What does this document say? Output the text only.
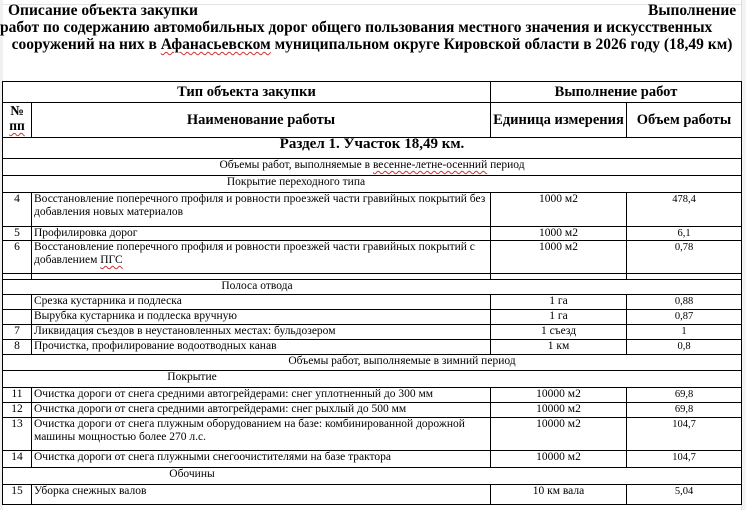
Описание объекта закупки	Выполнение
работ по содержанию автомобильных дорог общего пользования местного значения и искусственных
сооружений на них в Афанасьевском муниципальном округе Кировской области в 2026 году (18,49 км)
Тип объекта закупки		Выполнение работ	

№
пп	Наименование работы	Единица измерения	Объем работы
Раздел 1. Участок 18,49 км.			
Объемы работ, выполняемые в весенне-летне-осенний период			
Покрытие переходного типа			
4	Восстановление поперечного профиля и ровности проезжей части гравийных покрытий без добавления новых материалов	1000 м2	478,4
5	Профилировка дорог	1000 м2	6,1
6	Восстановление поперечного профиля и ровности проезжей части гравийных покрытий с добавлением ПГС	1000 м2	0,78

Полоса отвода			
	Срезка кустарника и подлеска	1 га	0,88
	Вырубка кустарника и подлеска вручную	1 га	0,87
7	Ликвидация съездов в неустановленных местах: бульдозером	1 съезд	1
8	Прочистка, профилирование водоотводных канав	1 км	0,8
Объемы работ, выполняемые в зимний период			
Покрытие			
11	Очистка дороги от снега средними автогрейдерами: снег уплотненный до 300 мм	10000 м2	69,8
12	Очистка дороги от снега средними автогрейдерами: снег рыхлый до 500 мм	10000 м2	69,8
13	Очистка дороги от снега плужным оборудованием на базе: комбинированной дорожной машины мощностью более 270 л.с.	10000 м2	104,7
14	Очистка дороги от снега плужными снегоочистителями на базе трактора	10000 м2	104,7
Обочины			
15	Уборка снежных валов	10 км вала	5,04
